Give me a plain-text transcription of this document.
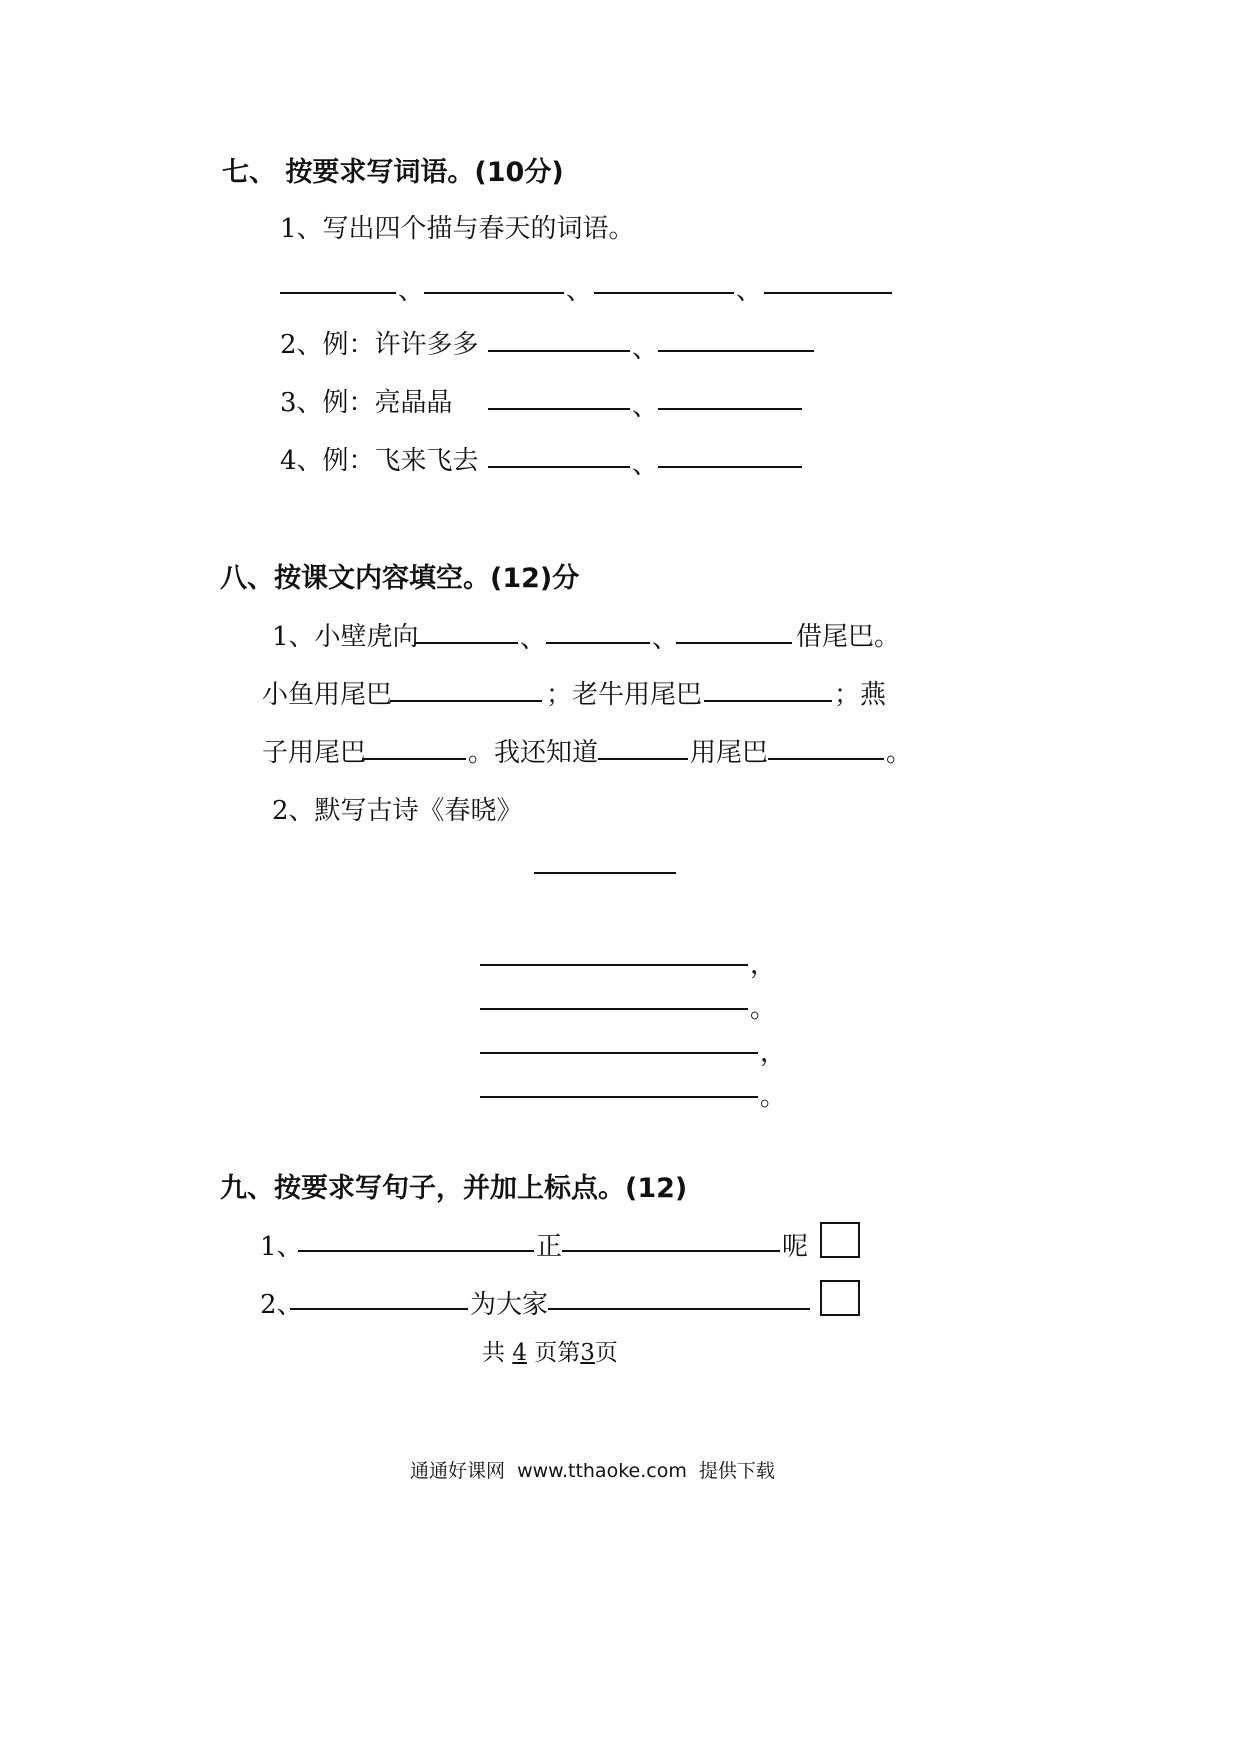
七、 按要求写词语。(10分)
1、写出四个描与春天的词语。
、	、	、
2、例：许许多多	、
3、例：亮晶晶	、
4、例：飞来飞去	、
八、按课文内容填空。(12)分
1、小壁虎向	、	、	借尾巴。
小鱼用尾巴	；老牛用尾巴	；燕
子用尾巴	。我还知道	用尾巴	。
2、默写古诗《春晓》
，
。
，
。
九、按要求写句子，并加上标点。(12)
1、	正	呢
2、	为大家
共 4 页第3页
通通好课网  www.tthaoke.com  提供下载
